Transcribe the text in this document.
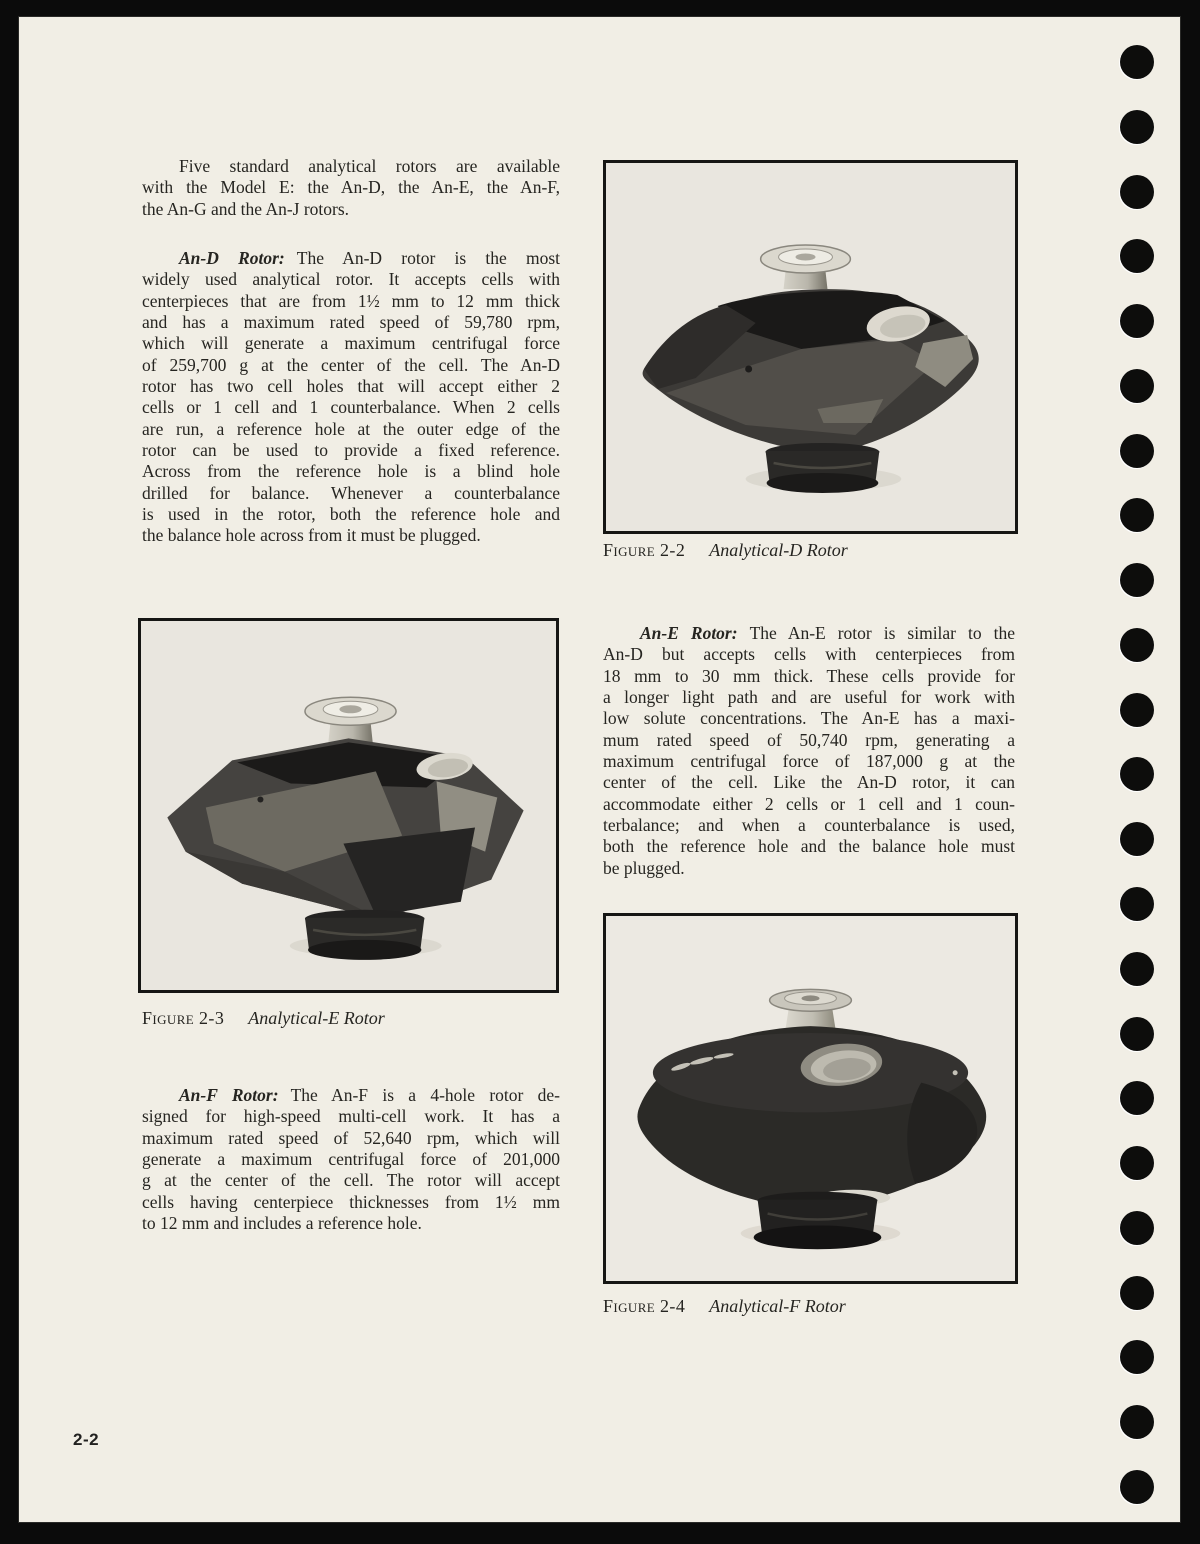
Five standard analytical rotors are available
with the Model E: the An-D, the An-E, the An-F,
the An-G and the An-J rotors.
An-D Rotor: The An-D rotor is the most
widely used analytical rotor. It accepts cells with
centerpieces that are from 1½ mm to 12 mm thick
and has a maximum rated speed of 59,780 rpm,
which will generate a maximum centrifugal force
of 259,700 g at the center of the cell. The An-D
rotor has two cell holes that will accept either 2
cells or 1 cell and 1 counterbalance. When 2 cells
are run, a reference hole at the outer edge of the
rotor can be used to provide a fixed reference.
Across from the reference hole is a blind hole
drilled for balance. Whenever a counterbalance
is used in the rotor, both the reference hole and
the balance hole across from it must be plugged.
Figure 2-2 Analytical-D Rotor
An-E Rotor: The An-E rotor is similar to the
An-D but accepts cells with centerpieces from
18 mm to 30 mm thick. These cells provide for
a longer light path and are useful for work with
low solute concentrations. The An-E has a maxi-
mum rated speed of 50,740 rpm, generating a
maximum centrifugal force of 187,000 g at the
center of the cell. Like the An-D rotor, it can
accommodate either 2 cells or 1 cell and 1 coun-
terbalance; and when a counterbalance is used,
both the reference hole and the balance hole must
be plugged.
Figure 2-3 Analytical-E Rotor
An-F Rotor: The An-F is a 4-hole rotor de-
signed for high-speed multi-cell work. It has a
maximum rated speed of 52,640 rpm, which will
generate a maximum centrifugal force of 201,000
g at the center of the cell. The rotor will accept
cells having centerpiece thicknesses from 1½ mm
to 12 mm and includes a reference hole.
Figure 2-4 Analytical-F Rotor
2-2
